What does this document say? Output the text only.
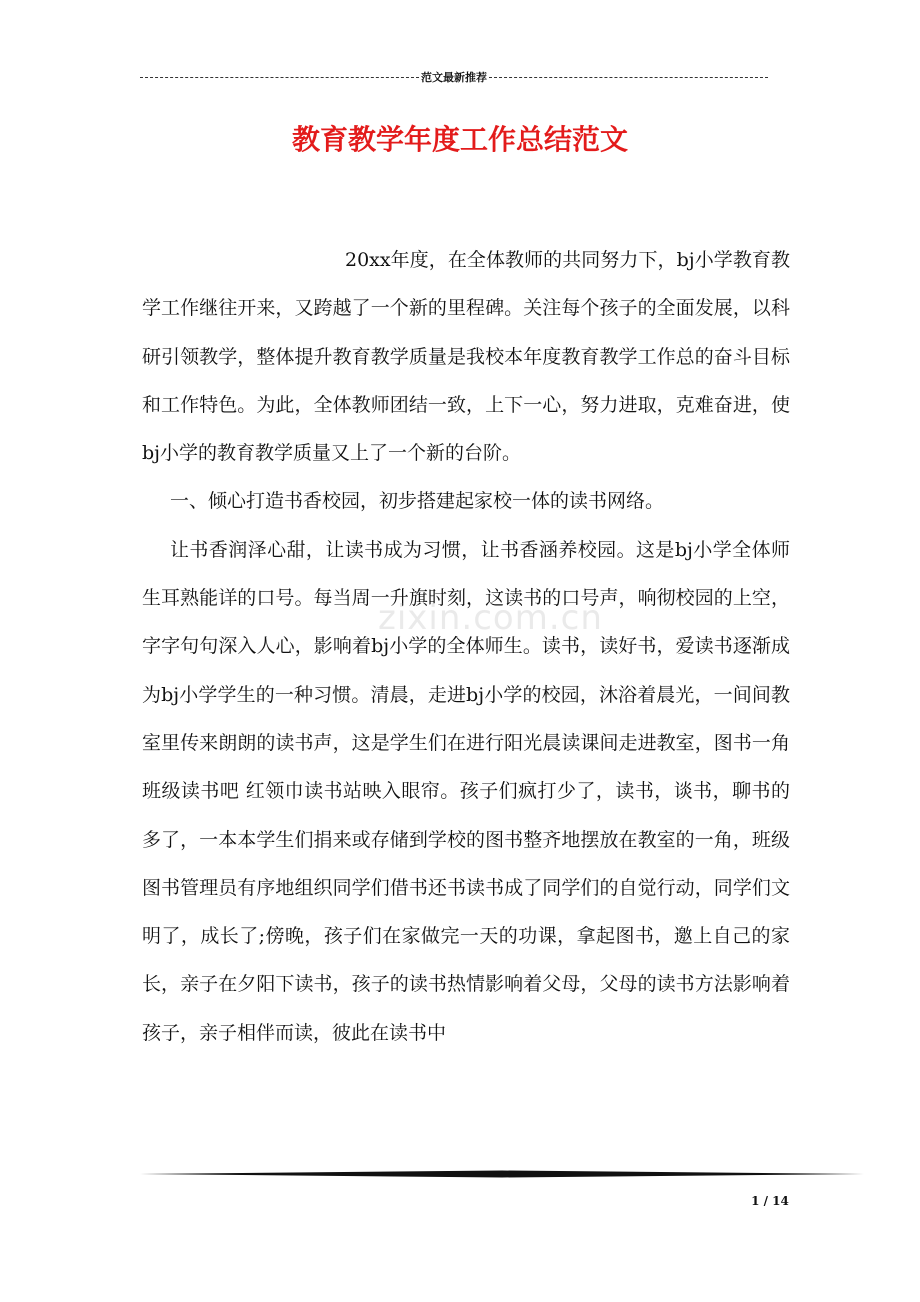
范文最新推荐
教育教学年度工作总结范文

20xx年度，在全体教师的共同努力下，bj小学教育教学工作继往开来，又跨越了一个新的里程碑。关注每个孩子的全面发展，以科研引领教学，整体提升教育教学质量是我校本年度教育教学工作总的奋斗目标和工作特色。为此，全体教师团结一致，上下一心，努力进取，克难奋进，使bj小学的教育教学质量又上了一个新的台阶。

一、倾心打造书香校园，初步搭建起家校一体的读书网络。

让书香润泽心甜，让读书成为习惯，让书香涵养校园。这是bj小学全体师生耳熟能详的口号。每当周一升旗时刻，这读书的口号声，响彻校园的上空，字字句句深入人心，影响着bj小学的全体师生。读书，读好书，爱读书逐渐成为bj小学学生的一种习惯。清晨，走进bj小学的校园，沐浴着晨光，一间间教室里传来朗朗的读书声，这是学生们在进行阳光晨读课间走进教室，图书一角 班级读书吧 红领巾读书站映入眼帘。孩子们疯打少了，读书，谈书，聊书的多了，一本本学生们捐来或存储到学校的图书整齐地摆放在教室的一角，班级图书管理员有序地组织同学们借书还书读书成了同学们的自觉行动，同学们文明了，成长了;傍晚，孩子们在家做完一天的功课，拿起图书，邀上自己的家长，亲子在夕阳下读书，孩子的读书热情影响着父母，父母的读书方法影响着孩子，亲子相伴而读，彼此在读书中

zixin.com.cn
1 / 14
